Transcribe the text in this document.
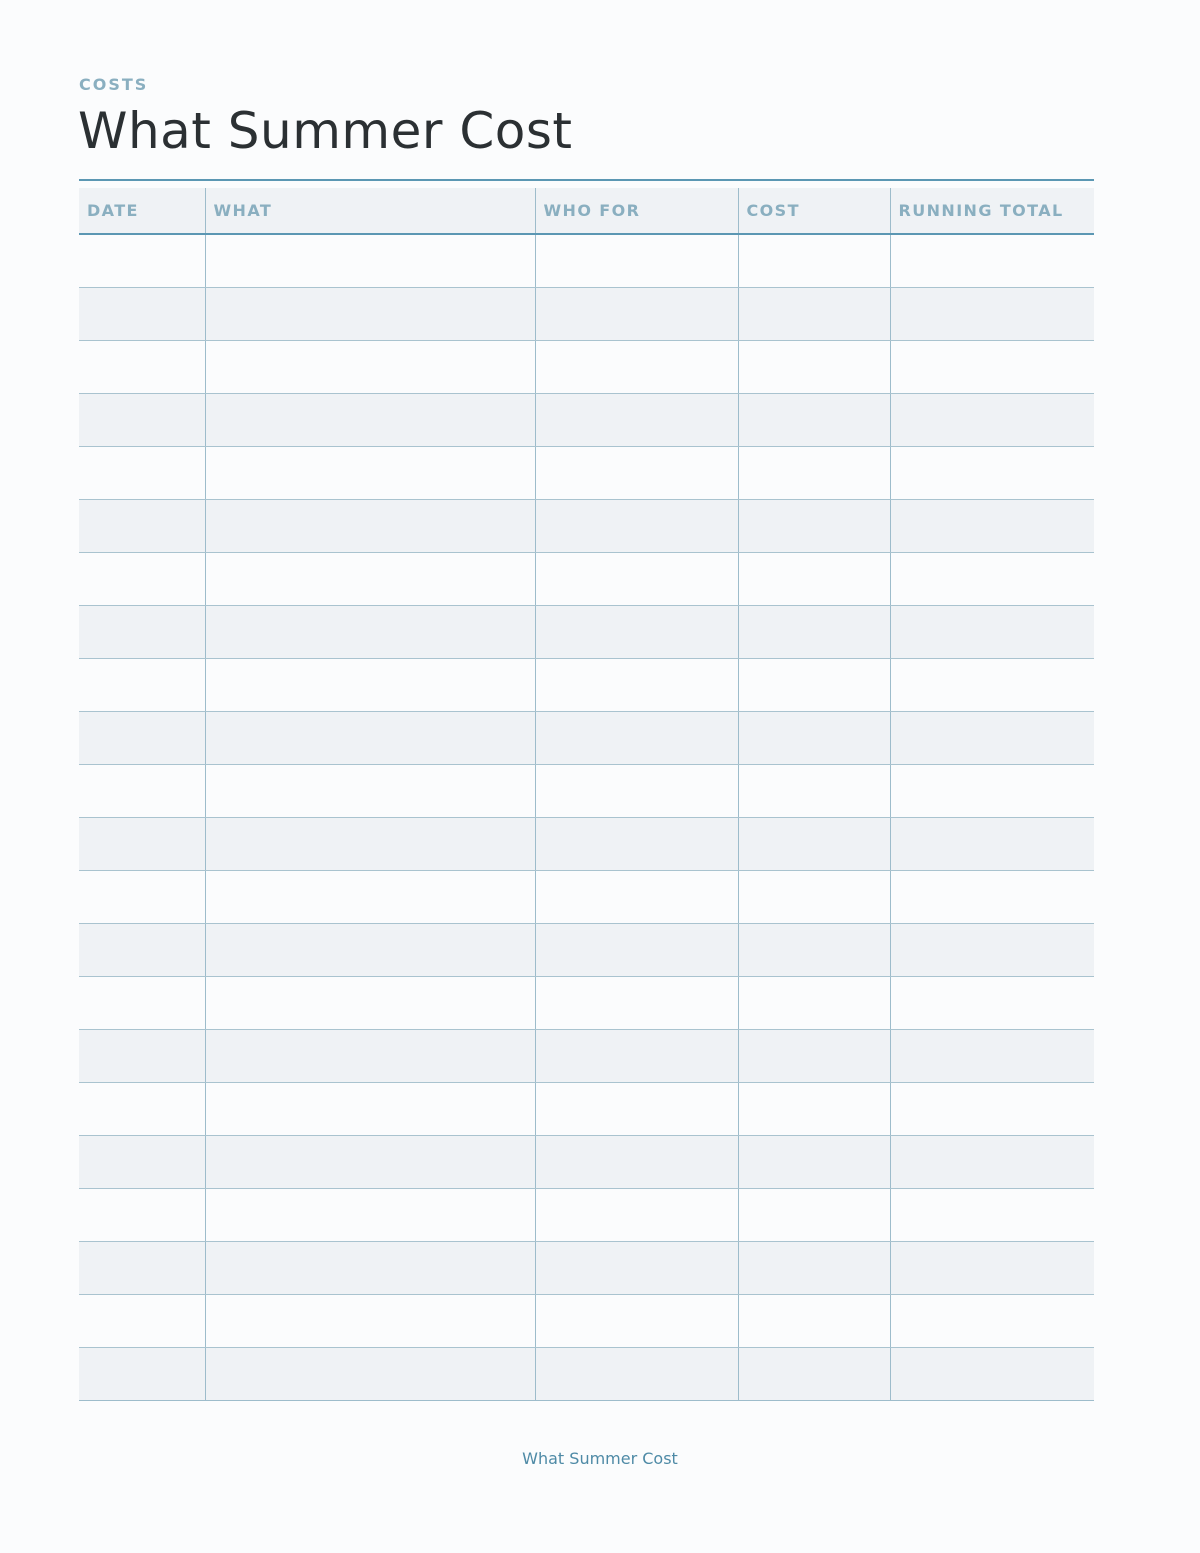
COSTS
What Summer Cost
DATE	WHAT	WHO FOR	COST	RUNNING TOTAL

What Summer Cost
